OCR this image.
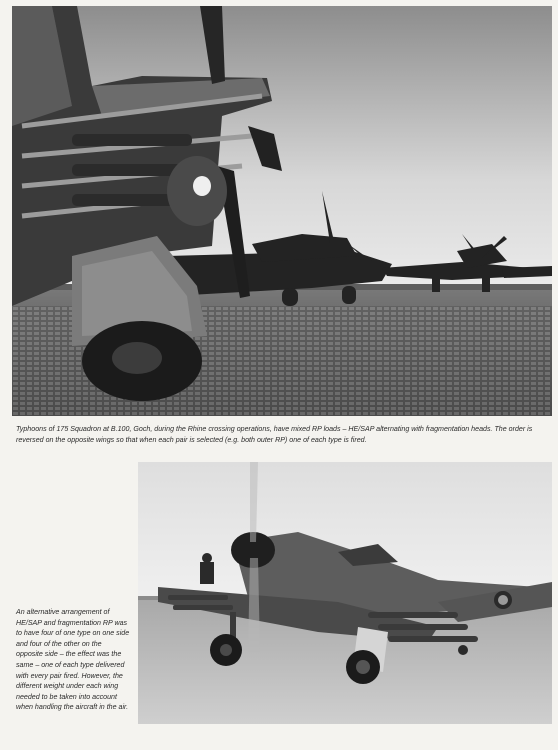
Typhoons of 175 Squadron at B.100, Goch, during the Rhine crossing operations, have mixed RP loads – HE/SAP alternating with fragmentation heads. The order is reversed on the opposite wings so that when each pair is selected (e.g. both outer RP) one of each type is fired.

An alternative arrangement of HE/SAP and fragmentation RP was to have four of one type on one side and four of the other on the opposite side – the effect was the same – one of each type delivered with every pair fired. However, the different weight under each wing needed to be taken into account when handling the aircraft in the air.
